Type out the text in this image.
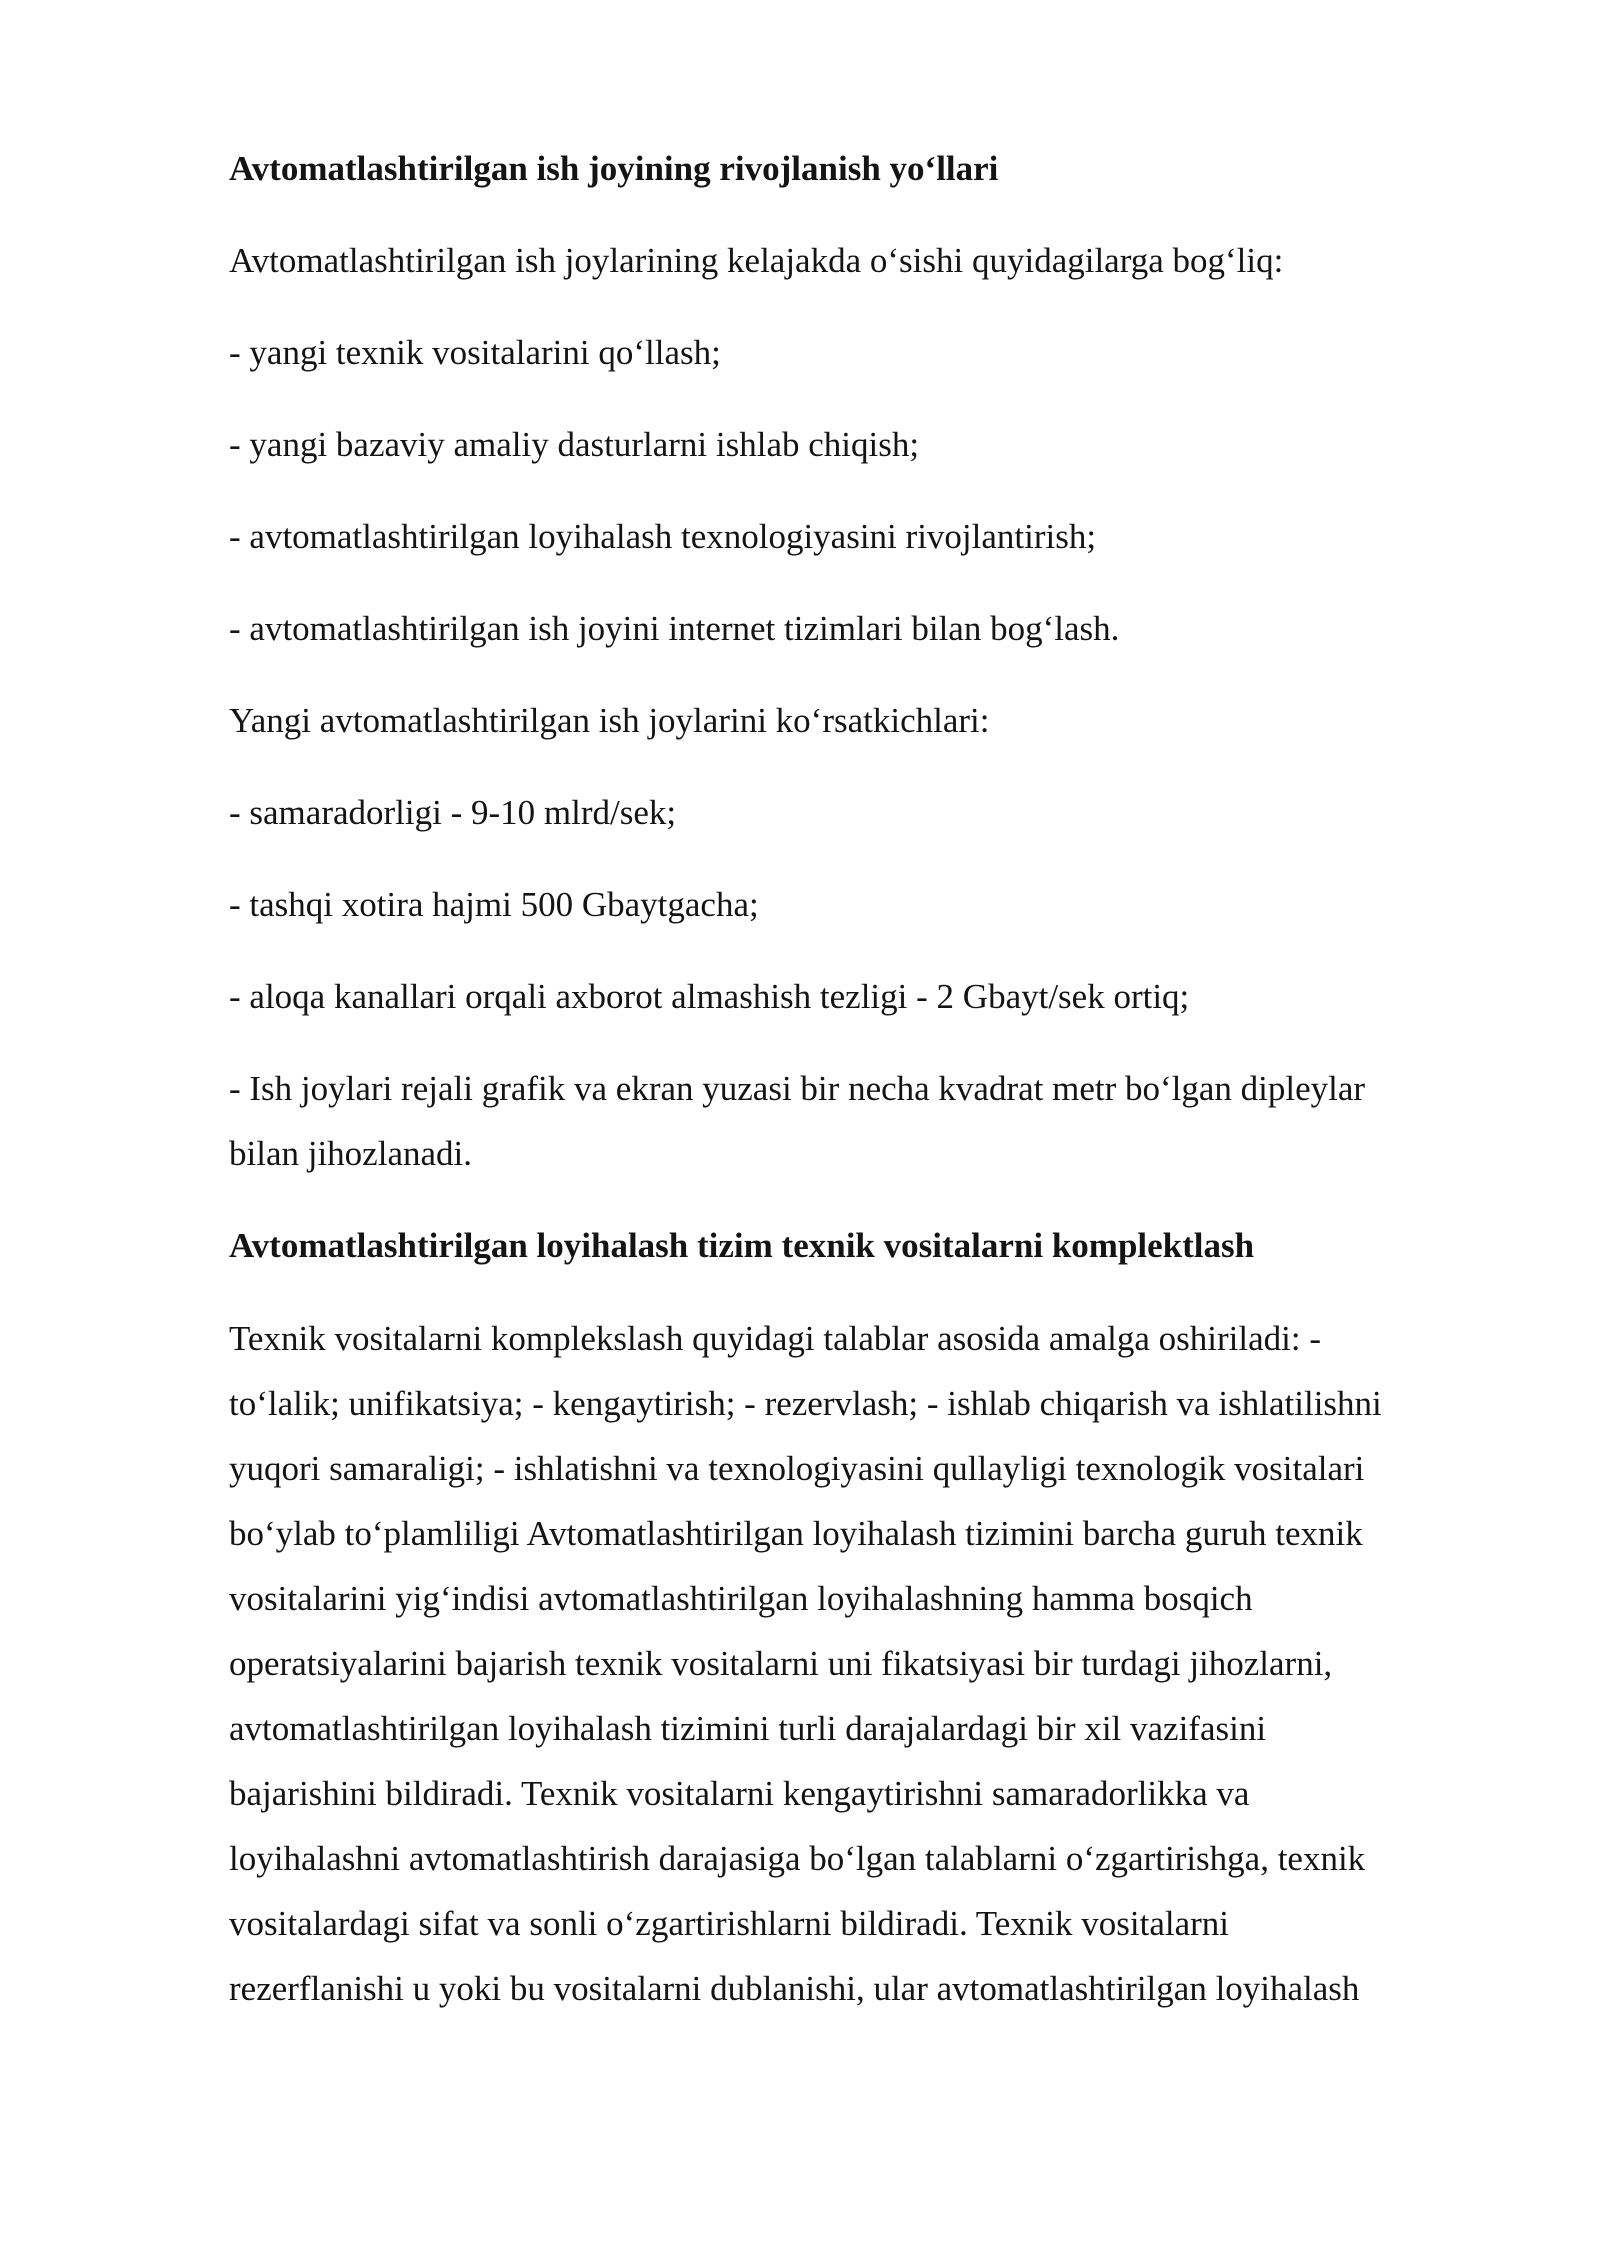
Avtomatlashtirilgan ish joyining rivojlanish yo‘llari
Avtomatlashtirilgan ish joylarining kelajakda o‘sishi quyidagilarga bog‘liq:
- yangi texnik vositalarini qo‘llash;
- yangi bazaviy amaliy dasturlarni ishlab chiqish;
- avtomatlashtirilgan loyihalash texnologiyasini rivojlantirish;
- avtomatlashtirilgan ish joyini internet tizimlari bilan bog‘lash.
Yangi avtomatlashtirilgan ish joylarini ko‘rsatkichlari:
- samaradorligi - 9-10 mlrd/sek;
- tashqi xotira hajmi 500 Gbaytgacha;
- aloqa kanallari orqali axborot almashish tezligi - 2 Gbayt/sek ortiq;
- Ish joylari rejali grafik va ekran yuzasi bir necha kvadrat metr bo‘lgan dipleylar
bilan jihozlanadi.
Avtomatlashtirilgan loyihalash tizim texnik vositalarni komplektlash
Texnik vositalarni komplekslash quyidagi talablar asosida amalga oshiriladi: -
to‘lalik; unifikatsiya; - kengaytirish; - rezervlash; - ishlab chiqarish va ishlatilishni
yuqori samaraligi; - ishlatishni va texnologiyasini qullayligi texnologik vositalari
bo‘ylab to‘plamliligi Avtomatlashtirilgan loyihalash tizimini barcha guruh texnik
vositalarini yig‘indisi avtomatlashtirilgan loyihalashning hamma bosqich
operatsiyalarini bajarish texnik vositalarni uni fikatsiyasi bir turdagi jihozlarni,
avtomatlashtirilgan loyihalash tizimini turli darajalardagi bir xil vazifasini
bajarishini bildiradi. Texnik vositalarni kengaytirishni samaradorlikka va
loyihalashni avtomatlashtirish darajasiga bo‘lgan talablarni o‘zgartirishga, texnik
vositalardagi sifat va sonli o‘zgartirishlarni bildiradi. Texnik vositalarni
rezerflanishi u yoki bu vositalarni dublanishi, ular avtomatlashtirilgan loyihalash
